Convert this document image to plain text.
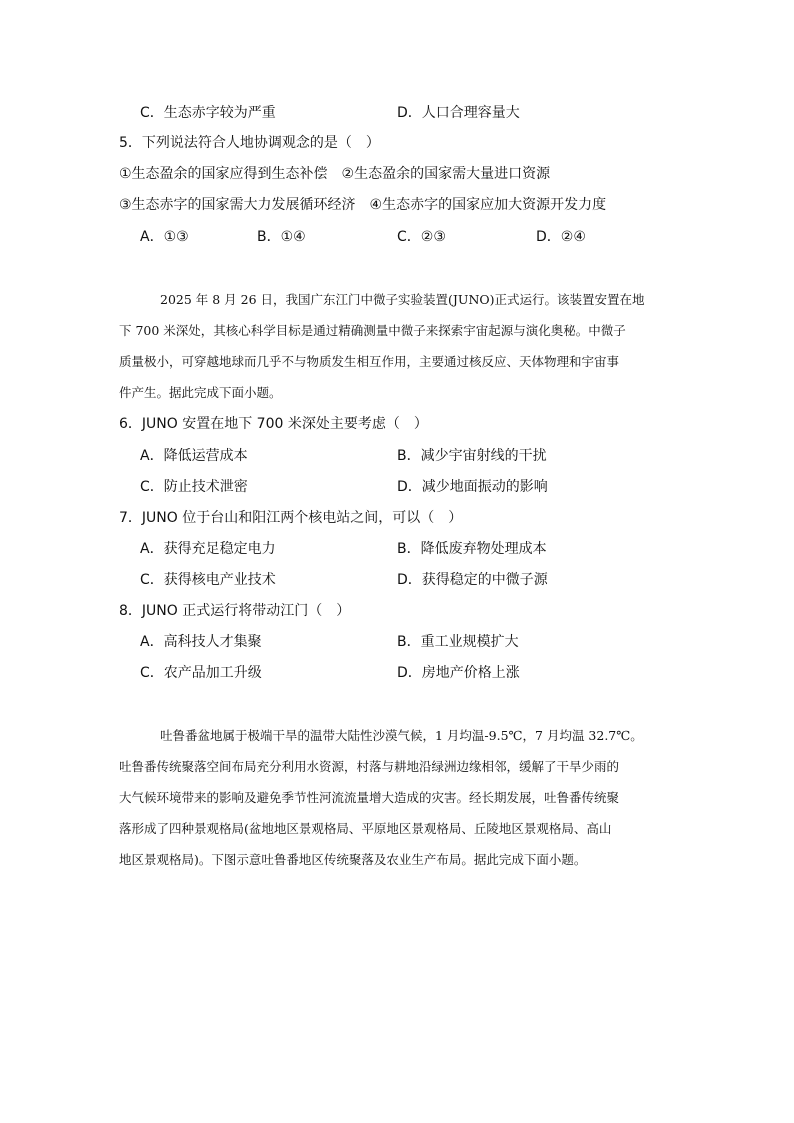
C．生态赤字较为严重	D．人口合理容量大
5．下列说法符合人地协调观念的是（　）
①生态盈余的国家应得到生态补偿　②生态盈余的国家需大量进口资源
③生态赤字的国家需大力发展循环经济　④生态赤字的国家应加大资源开发力度
A．①③	B．①④	C．②③	D．②④
2025 年 8 月 26 日，我国广东江门中微子实验装置(JUNO)正式运行。该装置安置在地
下 700 米深处，其核心科学目标是通过精确测量中微子来探索宇宙起源与演化奥秘。中微子
质量极小，可穿越地球而几乎不与物质发生相互作用，主要通过核反应、天体物理和宇宙事
件产生。据此完成下面小题。
6．JUNO 安置在地下 700 米深处主要考虑（　）
A．降低运营成本	B．减少宇宙射线的干扰
C．防止技术泄密	D．减少地面振动的影响
7．JUNO 位于台山和阳江两个核电站之间，可以（　）
A．获得充足稳定电力	B．降低废弃物处理成本
C．获得核电产业技术	D．获得稳定的中微子源
8．JUNO 正式运行将带动江门（　）
A．高科技人才集聚	B．重工业规模扩大
C．农产品加工升级	D．房地产价格上涨
吐鲁番盆地属于极端干旱的温带大陆性沙漠气候，1 月均温-9.5℃，7 月均温 32.7℃。
吐鲁番传统聚落空间布局充分利用水资源，村落与耕地沿绿洲边缘相邻，缓解了干旱少雨的
大气候环境带来的影响及避免季节性河流流量增大造成的灾害。经长期发展，吐鲁番传统聚
落形成了四种景观格局(盆地地区景观格局、平原地区景观格局、丘陵地区景观格局、高山
地区景观格局)。下图示意吐鲁番地区传统聚落及农业生产布局。据此完成下面小题。
